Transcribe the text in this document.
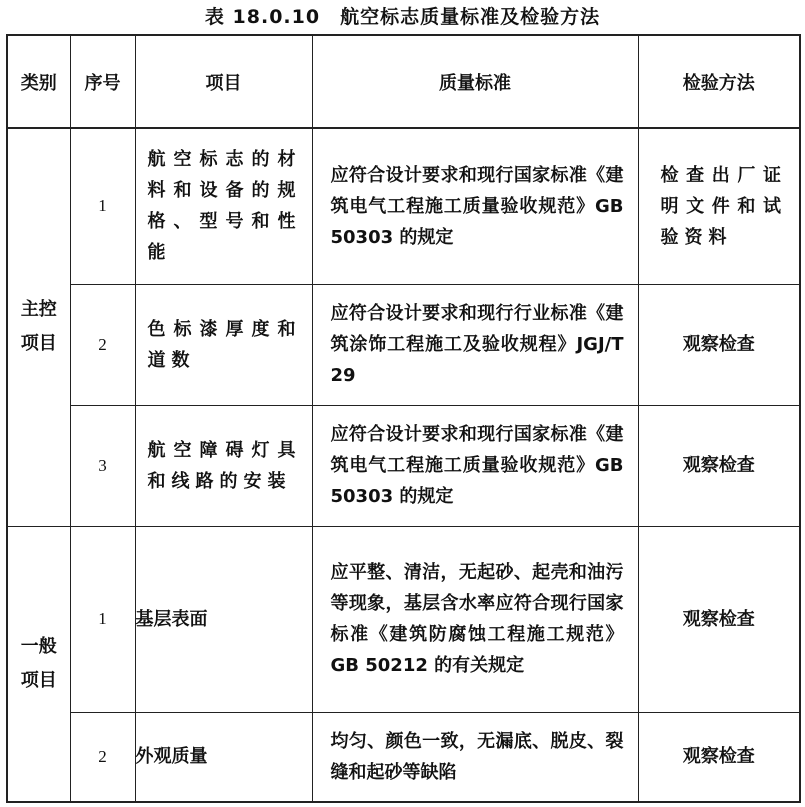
表 18.0.10　航空标志质量标准及检验方法
类别	序号	项目	质量标准	检验方法

主控项目	1	航空标志的材料和设备的规格、型号和性能	应符合设计要求和现行国家标准《建筑电气工程施工质量验收规范》GB 50303 的规定	检查出厂证明文件和试验资料
	2	色标漆厚度和道数	应符合设计要求和现行行业标准《建筑涂饰工程施工及验收规程》JGJ/T 29	观察检查
	3	航空障碍灯具和线路的安装	应符合设计要求和现行国家标准《建筑电气工程施工质量验收规范》GB 50303 的规定	观察检查

一般项目	1	基层表面	应平整、清洁，无起砂、起壳和油污等现象，基层含水率应符合现行国家标准《建筑防腐蚀工程施工规范》GB 50212 的有关规定	观察检查
	2	外观质量	均匀、颜色一致，无漏底、脱皮、裂缝和起砂等缺陷	观察检查
